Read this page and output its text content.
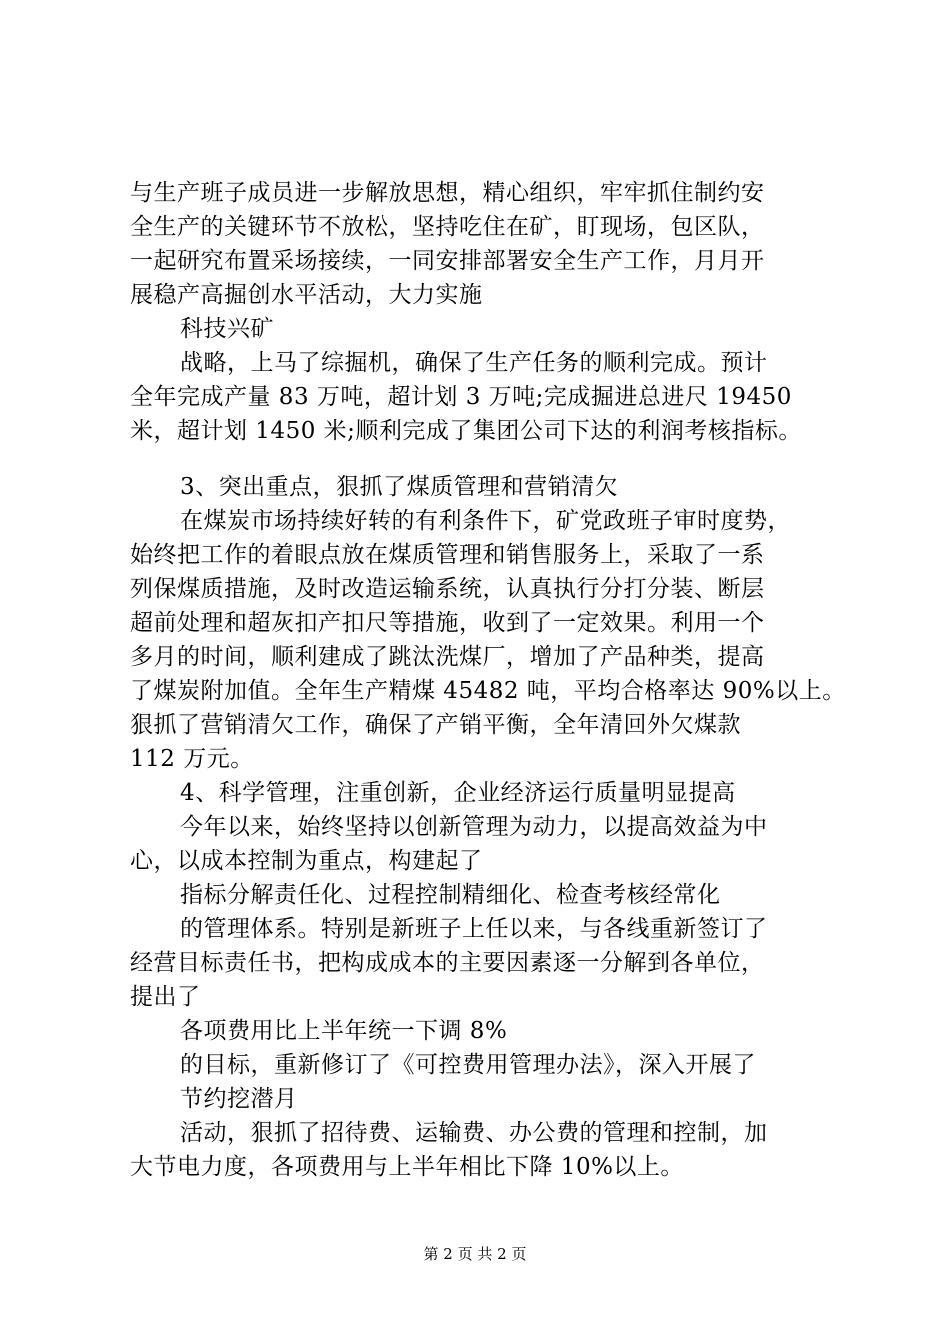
与生产班子成员进一步解放思想，精心组织，牢牢抓住制约安
全生产的关键环节不放松，坚持吃住在矿，盯现场，包区队，
一起研究布置采场接续，一同安排部署安全生产工作，月月开
展稳产高掘创水平活动，大力实施
科技兴矿
战略，上马了综掘机，确保了生产任务的顺利完成。预计
全年完成产量 83 万吨，超计划 3 万吨;完成掘进总进尺 19450
米，超计划 1450 米;顺利完成了集团公司下达的利润考核指标。
3、突出重点，狠抓了煤质管理和营销清欠
在煤炭市场持续好转的有利条件下，矿党政班子审时度势，
始终把工作的着眼点放在煤质管理和销售服务上，采取了一系
列保煤质措施，及时改造运输系统，认真执行分打分装、断层
超前处理和超灰扣产扣尺等措施，收到了一定效果。利用一个
多月的时间，顺利建成了跳汰洗煤厂，增加了产品种类，提高
了煤炭附加值。全年生产精煤 45482 吨，平均合格率达 90%以上。
狠抓了营销清欠工作，确保了产销平衡，全年清回外欠煤款
112 万元。
4、科学管理，注重创新，企业经济运行质量明显提高
今年以来，始终坚持以创新管理为动力，以提高效益为中
心，以成本控制为重点，构建起了
指标分解责任化、过程控制精细化、检查考核经常化
的管理体系。特别是新班子上任以来，与各线重新签订了
经营目标责任书，把构成成本的主要因素逐一分解到各单位，
提出了
各项费用比上半年统一下调 8%
的目标，重新修订了《可控费用管理办法》，深入开展了
节约挖潜月
活动，狠抓了招待费、运输费、办公费的管理和控制，加
大节电力度，各项费用与上半年相比下降 10%以上。
第 2 页 共 2 页
